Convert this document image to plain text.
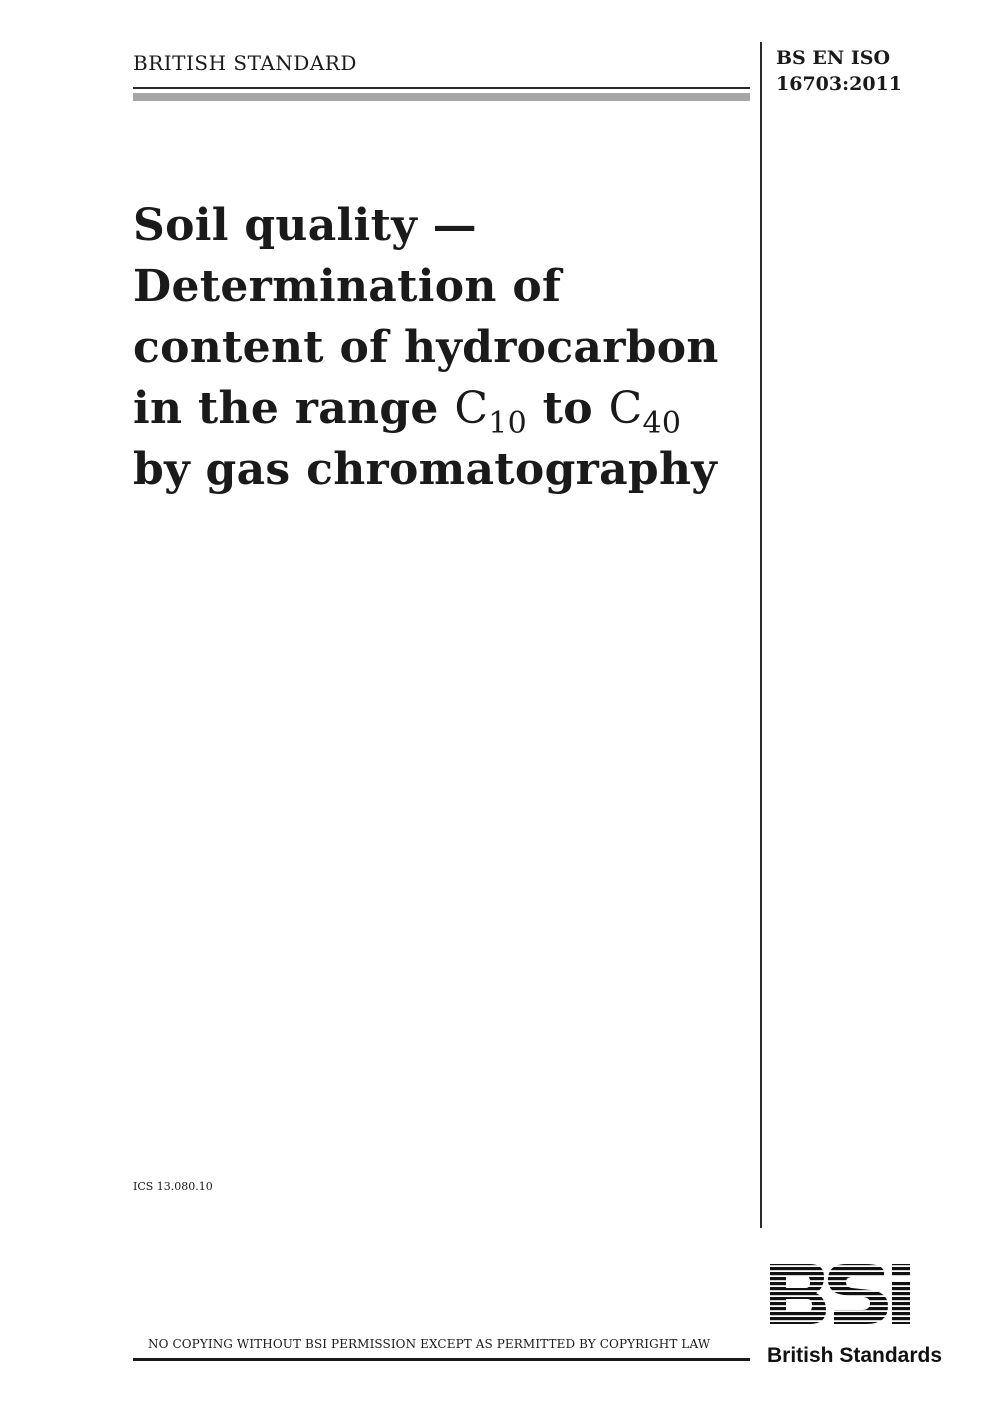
BRITISH STANDARD	BS EN ISO
16703:2011
Soil quality —
Determination of
content of hydrocarbon
in the range $C_{10}$ to $C_{40}$
by gas chromatography
ICS 13.080.10
NO COPYING WITHOUT BSI PERMISSION EXCEPT AS PERMITTED BY COPYRIGHT LAW	British Standards
